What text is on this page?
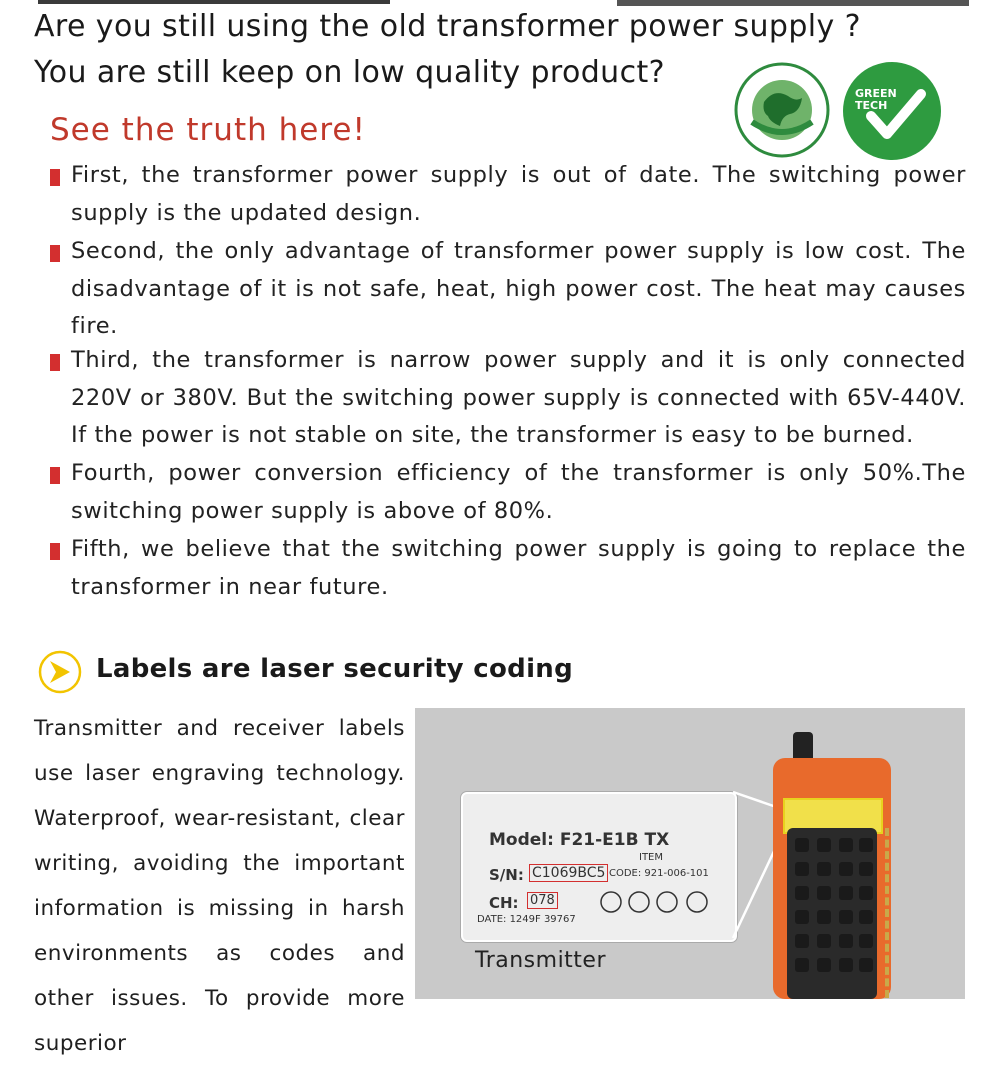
Are you still using the old transformer power supply ?
You are still keep on low quality product?
See the truth here!
GREEN TECH
First, the transformer power supply is out of date. The switching power supply is the updated design.
Second, the only advantage of transformer power supply is low cost. The disadvantage of it is not safe, heat, high power cost. The heat may causes fire.
Third, the transformer is narrow power supply and it is only connected 220V or 380V. But the switching power supply is connected with 65V-440V. If the power is not stable on site, the transformer is easy to be burned.
Fourth, power conversion efficiency of the transformer is only 50%.The switching power supply is above of 80%.
Fifth, we believe that the switching power supply is going to replace the transformer in near future.
Labels are laser security coding
Transmitter and receiver labels use laser engraving technology. Waterproof, wear-resistant, clear writing, avoiding the important information is missing in harsh environments as codes and other issues. To provide more superior
Model: F21-E1B TX
ITEM
S/N: C1069BC5 CODE: 921-006-101
CH: 078
DATE: 1249F 39767
Transmitter
